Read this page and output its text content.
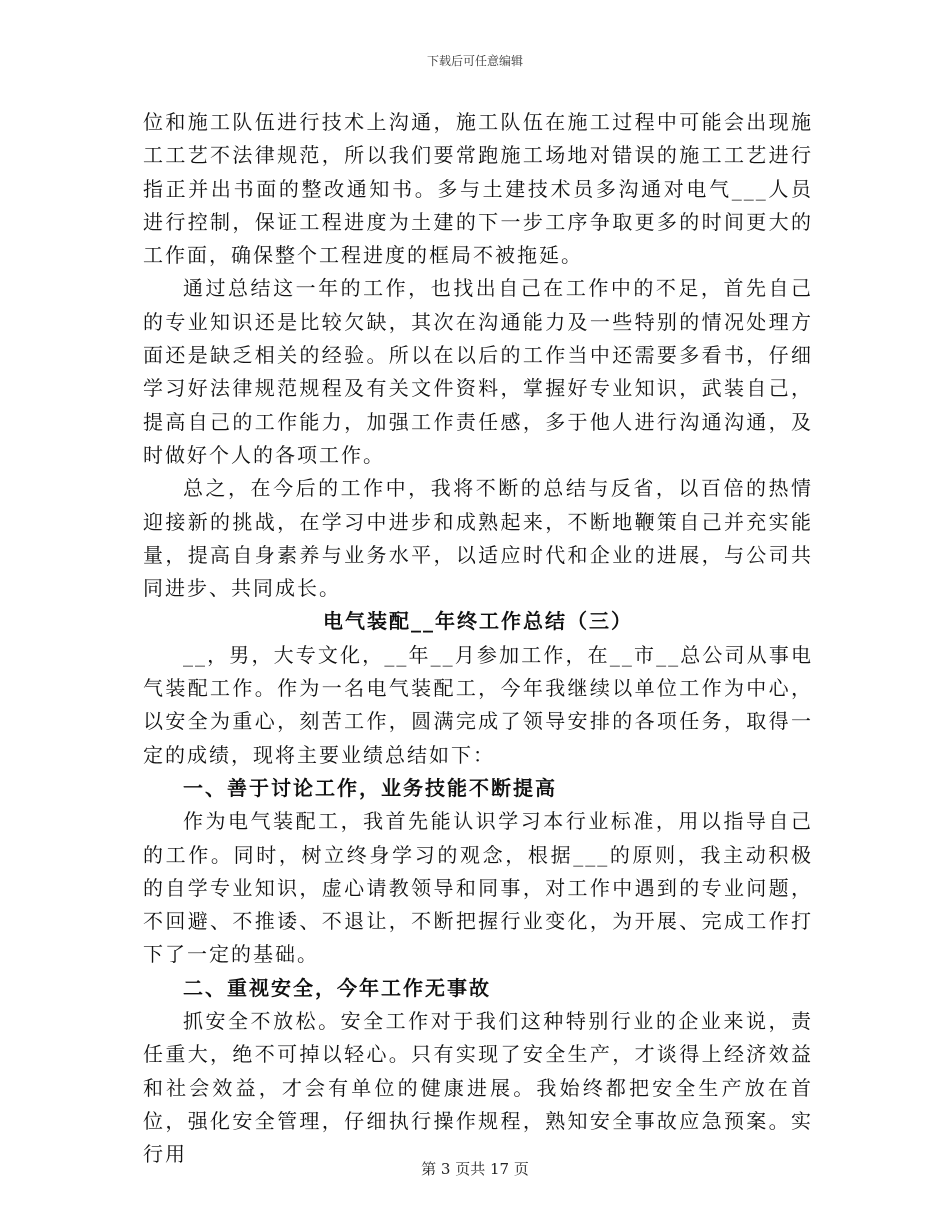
下载后可任意编辑

位和施工队伍进行技术上沟通，施工队伍在施工过程中可能会出现施工工艺不法律规范，所以我们要常跑施工场地对错误的施工工艺进行指正并出书面的整改通知书。多与土建技术员多沟通对电气___人员进行控制，保证工程进度为土建的下一步工序争取更多的时间更大的工作面，确保整个工程进度的框局不被拖延。

通过总结这一年的工作，也找出自己在工作中的不足，首先自己的专业知识还是比较欠缺，其次在沟通能力及一些特别的情况处理方面还是缺乏相关的经验。所以在以后的工作当中还需要多看书，仔细学习好法律规范规程及有关文件资料，掌握好专业知识，武装自己，提高自己的工作能力，加强工作责任感，多于他人进行沟通沟通，及时做好个人的各项工作。

总之，在今后的工作中，我将不断的总结与反省，以百倍的热情迎接新的挑战，在学习中进步和成熟起来，不断地鞭策自己并充实能量，提高自身素养与业务水平，以适应时代和企业的进展，与公司共同进步、共同成长。

电气装配__年终工作总结（三）

__，男，大专文化，__年__月参加工作，在__市__总公司从事电气装配工作。作为一名电气装配工，今年我继续以单位工作为中心，以安全为重心，刻苦工作，圆满完成了领导安排的各项任务，取得一定的成绩，现将主要业绩总结如下：

一、善于讨论工作，业务技能不断提高

作为电气装配工，我首先能认识学习本行业标准，用以指导自己的工作。同时，树立终身学习的观念，根据___的原则，我主动积极的自学专业知识，虚心请教领导和同事，对工作中遇到的专业问题，不回避、不推诿、不退让，不断把握行业变化，为开展、完成工作打下了一定的基础。

二、重视安全，今年工作无事故

抓安全不放松。安全工作对于我们这种特别行业的企业来说，责任重大，绝不可掉以轻心。只有实现了安全生产，才谈得上经济效益和社会效益，才会有单位的健康进展。我始终都把安全生产放在首位，强化安全管理，仔细执行操作规程，熟知安全事故应急预案。实行用

第 3 页共 17 页
